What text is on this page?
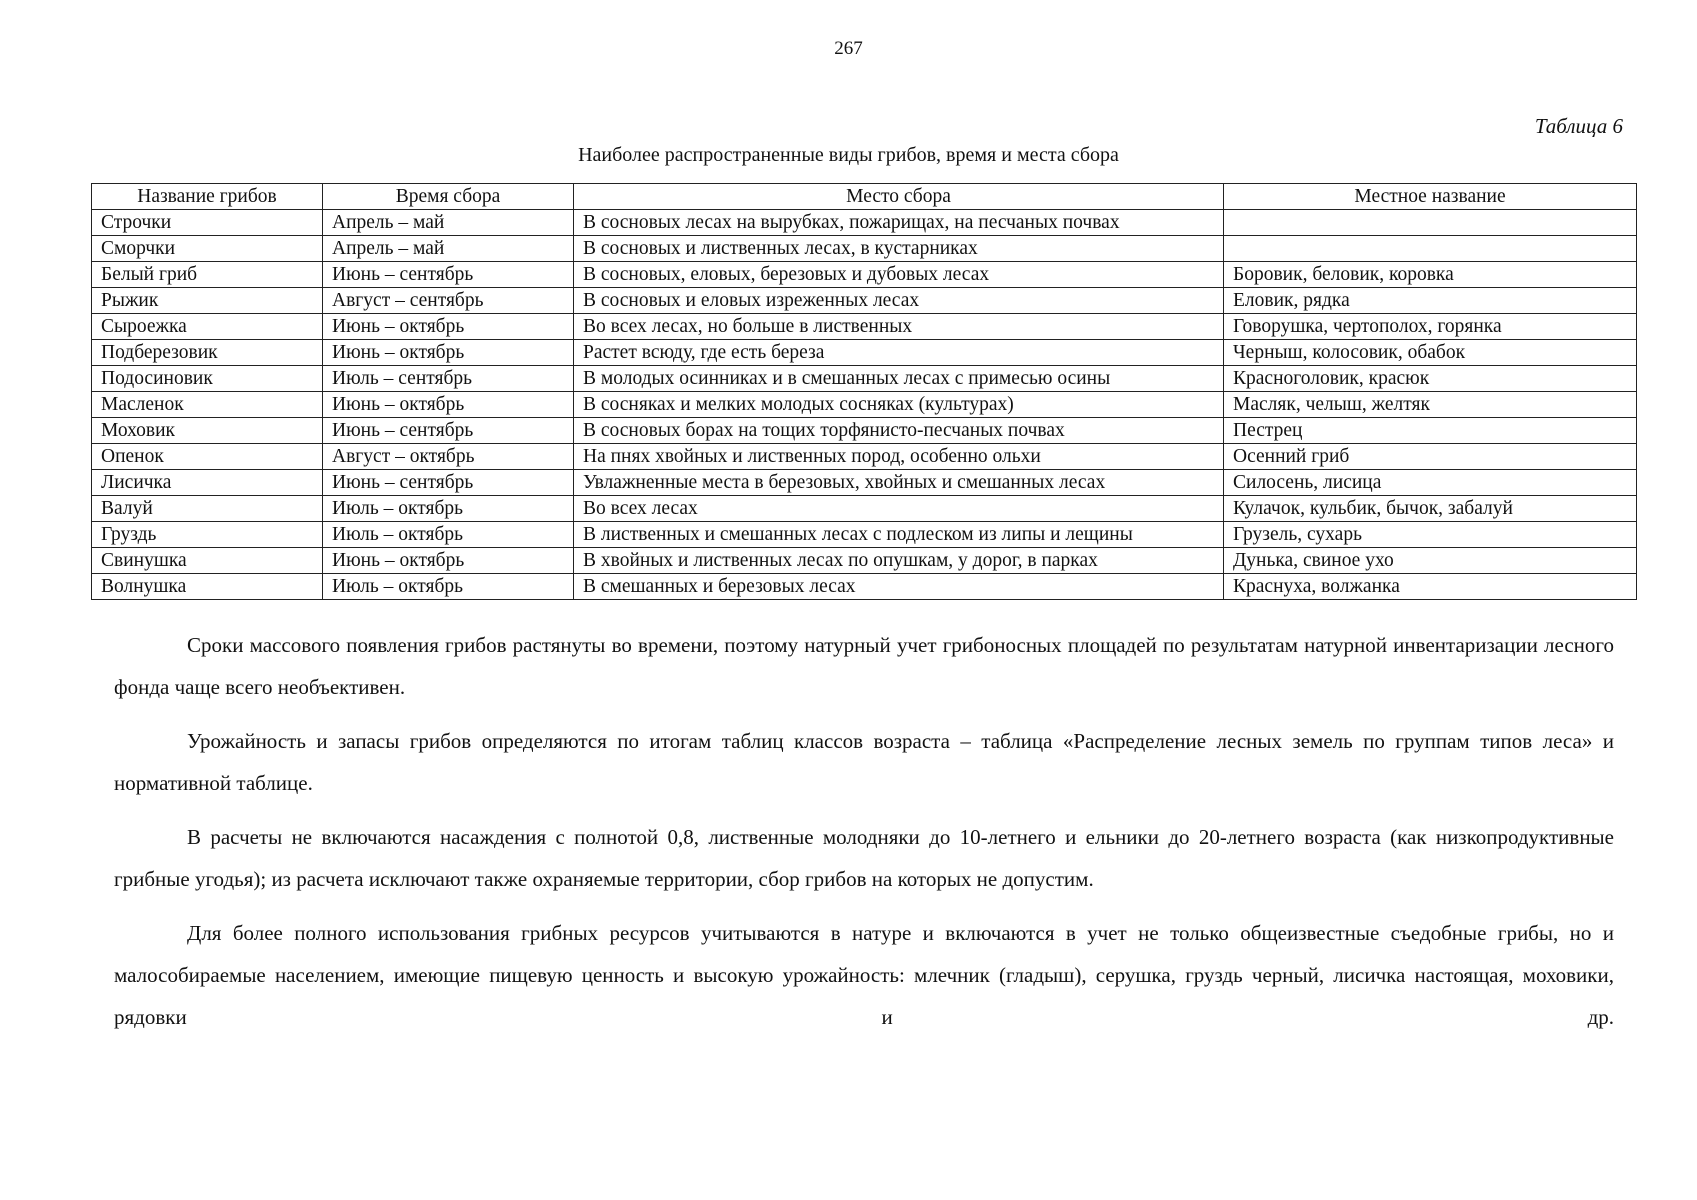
267
Таблица 6
Наиболее распространенные виды грибов, время и места сбора
Название грибов	Время сбора	Место сбора	Местное название
Строчки	Апрель – май	В сосновых лесах на вырубках, пожарищах, на песчаных почвах	
Сморчки	Апрель – май	В сосновых и лиственных лесах, в кустарниках	
Белый гриб	Июнь – сентябрь	В сосновых, еловых, березовых и дубовых лесах	Боровик, беловик, коровка
Рыжик	Август – сентябрь	В сосновых и еловых изреженных лесах	Еловик, рядка
Сыроежка	Июнь – октябрь	Во всех лесах, но больше в лиственных	Говорушка, чертополох, горянка
Подберезовик	Июнь – октябрь	Растет всюду, где есть береза	Черныш, колосовик, обабок
Подосиновик	Июль – сентябрь	В молодых осинниках и в смешанных лесах с примесью осины	Красноголовик, красюк
Масленок	Июнь – октябрь	В сосняках и мелких молодых сосняках (культурах)	Масляк, челыш, желтяк
Моховик	Июнь – сентябрь	В сосновых борах на тощих торфянисто-песчаных почвах	Пестрец
Опенок	Август – октябрь	На пнях хвойных и лиственных пород, особенно ольхи	Осенний гриб
Лисичка	Июнь – сентябрь	Увлажненные места в березовых, хвойных и смешанных лесах	Силосень, лисица
Валуй	Июль – октябрь	Во всех лесах	Кулачок, кульбик, бычок, забалуй
Груздь	Июль – октябрь	В лиственных и смешанных лесах с подлеском из липы и лещины	Грузель, сухарь
Свинушка	Июнь – октябрь	В хвойных и лиственных лесах по опушкам, у дорог, в парках	Дунька, свиное ухо
Волнушка	Июль – октябрь	В смешанных и березовых лесах	Краснуха, волжанка

Сроки массового появления грибов растянуты во времени, поэтому натурный учет грибоносных площадей по результатам натурной инвентаризации лесного фонда чаще всего необъективен.

Урожайность и запасы грибов определяются по итогам таблиц классов возраста – таблица «Распределение лесных земель по группам типов леса» и нормативной таблице.

В расчеты не включаются насаждения с полнотой 0,8, лиственные молодняки до 10-летнего и ельники до 20-летнего возраста (как низкопродуктивные грибные угодья); из расчета исключают также охраняемые территории, сбор грибов на которых не допустим.

Для более полного использования грибных ресурсов учитываются в натуре и включаются в учет не только общеизвестные съедобные грибы, но и малособираемые населением, имеющие пищевую ценность и высокую урожайность: млечник (гладыш), серушка, груздь черный, лисичка настоящая, моховики, рядовки и др.
